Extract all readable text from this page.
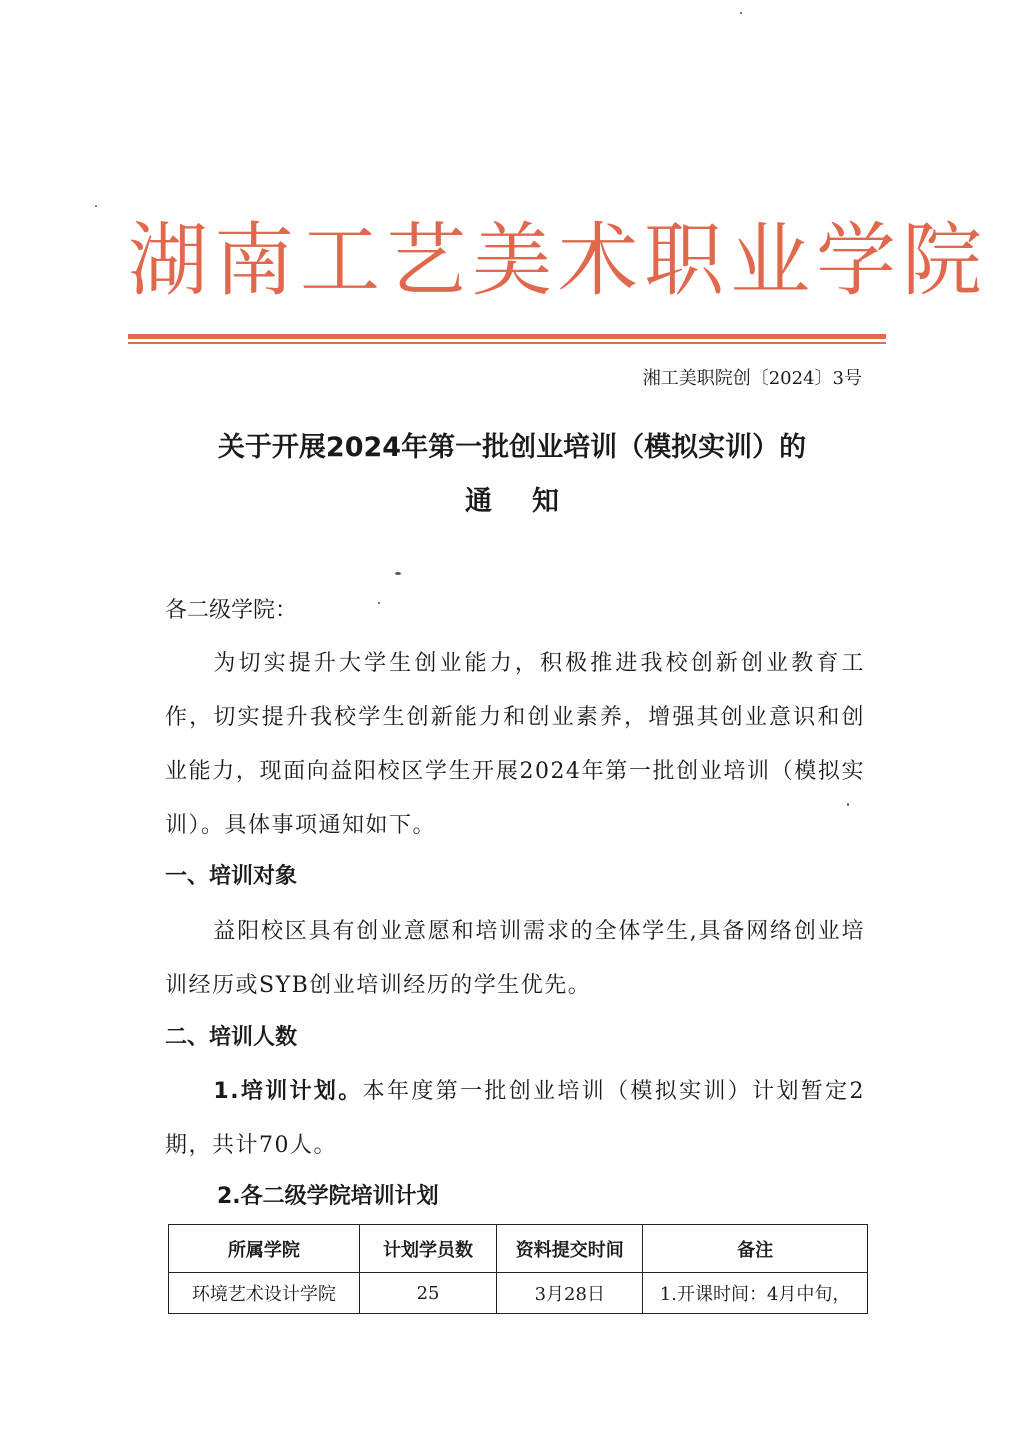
湖南工艺美术职业学院
湘工美职院创〔2024〕3号
关于开展2024年第一批创业培训（模拟实训）的
通知
各二级学院：

为切实提升大学生创业能力，积极推进我校创新创业教育工作，切实提升我校学生创新能力和创业素养，增强其创业意识和创业能力，现面向益阳校区学生开展2024年第一批创业培训（模拟实训）。具体事项通知如下。

一、培训对象

益阳校区具有创业意愿和培训需求的全体学生,具备网络创业培训经历或SYB创业培训经历的学生优先。

二、培训人数

1.培训计划。本年度第一批创业培训（模拟实训）计划暂定2期，共计70人。

2.各二级学院培训计划
所属学院	计划学员数	资料提交时间	备注
环境艺术设计学院	25	3月28日	1.开课时间：4月中旬，
